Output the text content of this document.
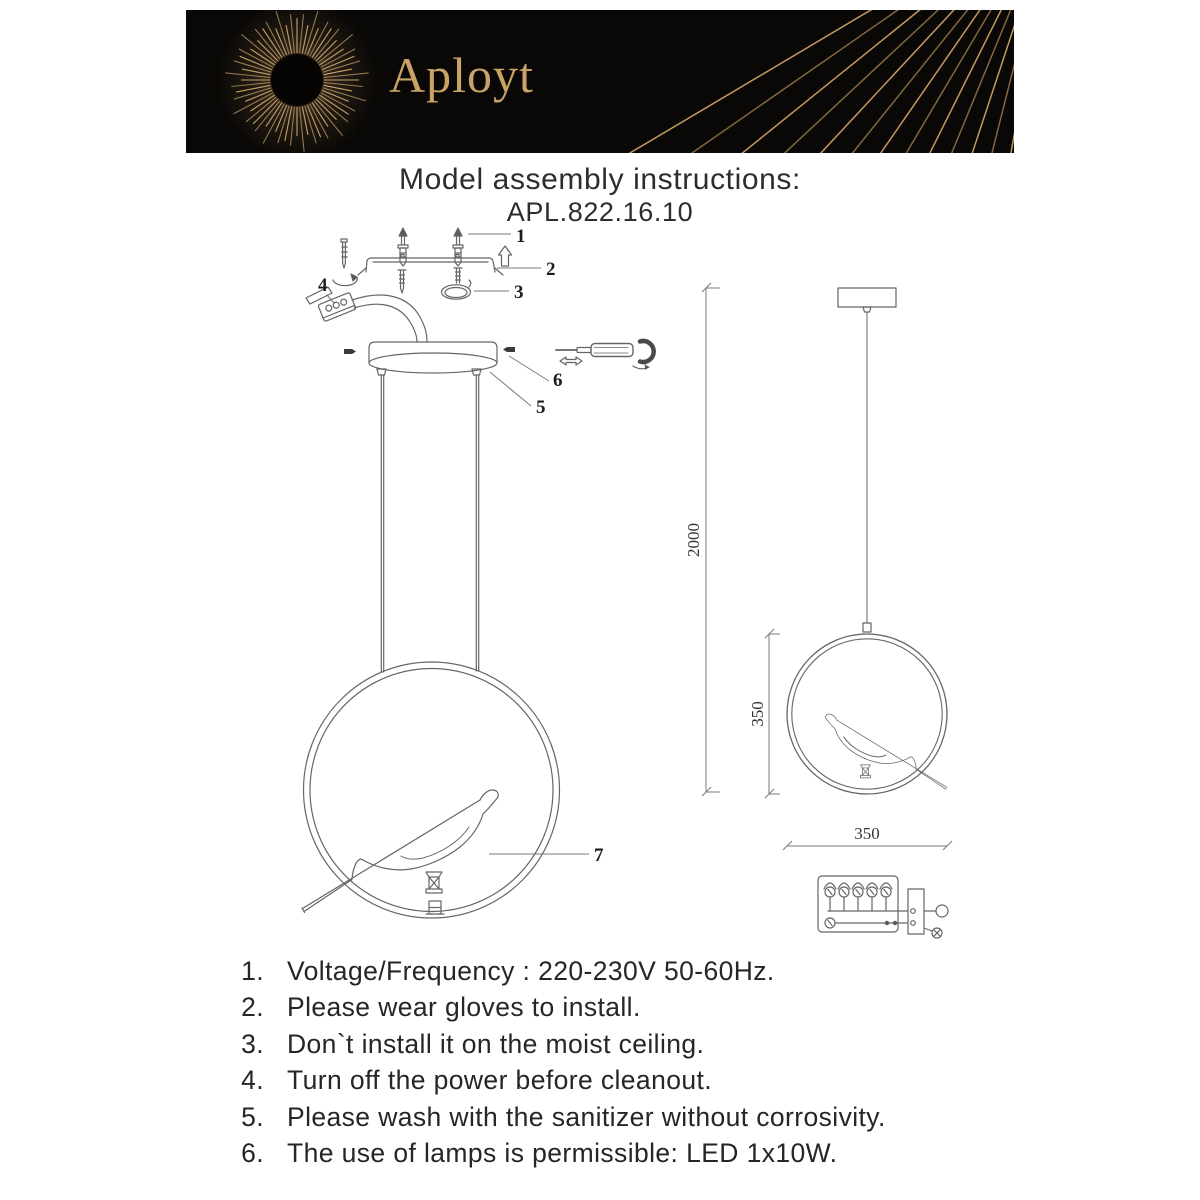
Aployt
Model assembly instructions:
APL.822.16.10
1
2
3
4
5
6
7
2000
350
350
1. Voltage/Frequency : 220-230V 50-60Hz.
2. Please wear gloves to install.
3. Don`t install it on the moist ceiling.
4. Turn off the power before cleanout.
5. Please wash with the sanitizer without corrosivity.
6. The use of lamps is permissible: LED 1x10W.
